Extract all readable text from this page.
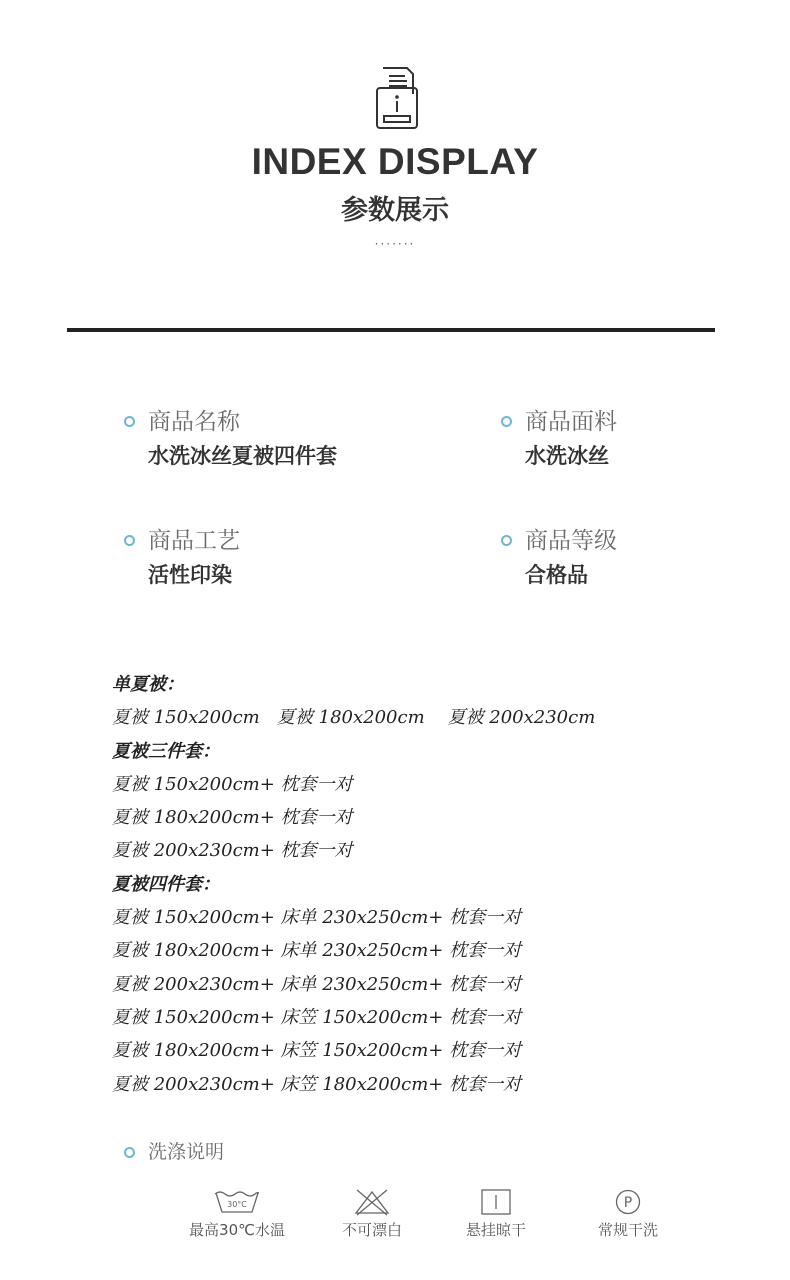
INDEX DISPLAY
参数展示
·······
商品名称
水洗冰丝夏被四件套
商品面料
水洗冰丝
商品工艺
活性印染
商品等级
合格品
单夏被：
夏被 150x200cm   夏被 180x200cm    夏被 200x230cm
夏被三件套：
夏被 150x200cm+ 枕套一对
夏被 180x200cm+ 枕套一对
夏被 200x230cm+ 枕套一对
夏被四件套：
夏被 150x200cm+ 床单 230x250cm+ 枕套一对
夏被 180x200cm+ 床单 230x250cm+ 枕套一对
夏被 200x230cm+ 床单 230x250cm+ 枕套一对
夏被 150x200cm+ 床笠 150x200cm+ 枕套一对
夏被 180x200cm+ 床笠 150x200cm+ 枕套一对
夏被 200x230cm+ 床笠 180x200cm+ 枕套一对
洗涤说明
30°C
最高30℃水温	不可漂白	悬挂晾干
P
常规干洗
